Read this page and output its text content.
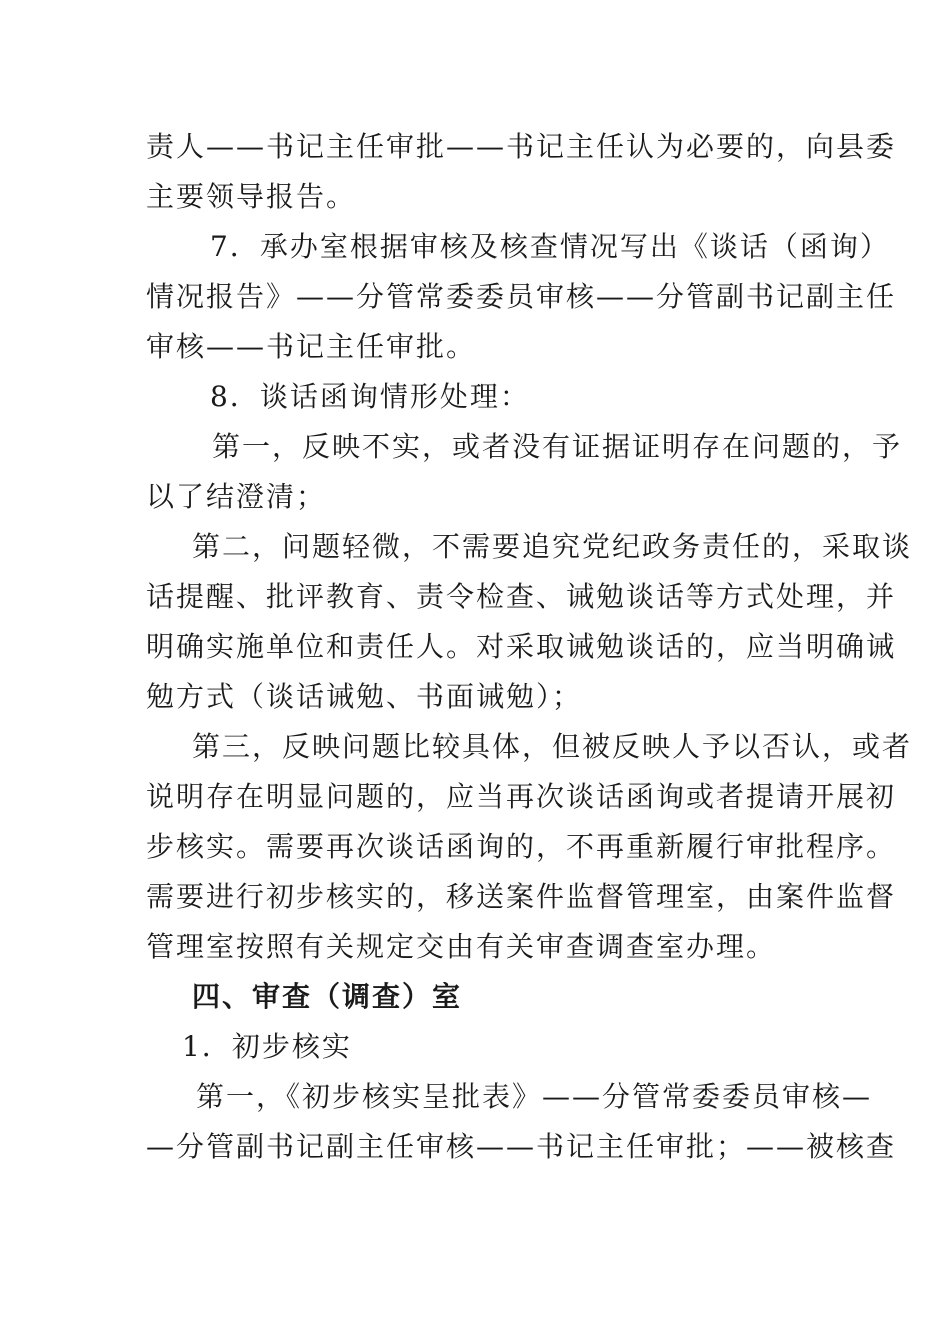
责人——书记主任审批——书记主任认为必要的，向县委
主要领导报告。
7．承办室根据审核及核查情况写出《谈话（函询）
情况报告》——分管常委委员审核——分管副书记副主任
审核——书记主任审批。
8．谈话函询情形处理：
第一，反映不实，或者没有证据证明存在问题的，予
以了结澄清；
第二，问题轻微，不需要追究党纪政务责任的，采取谈
话提醒、批评教育、责令检查、诫勉谈话等方式处理，并
明确实施单位和责任人。对采取诫勉谈话的，应当明确诫
勉方式（谈话诫勉、书面诫勉）；
第三，反映问题比较具体，但被反映人予以否认，或者
说明存在明显问题的，应当再次谈话函询或者提请开展初
步核实。需要再次谈话函询的，不再重新履行审批程序。
需要进行初步核实的，移送案件监督管理室，由案件监督
管理室按照有关规定交由有关审查调查室办理。
四、审查（调查）室
1．初步核实
第一，《初步核实呈批表》——分管常委委员审核—
—分管副书记副主任审核——书记主任审批；——被核查
